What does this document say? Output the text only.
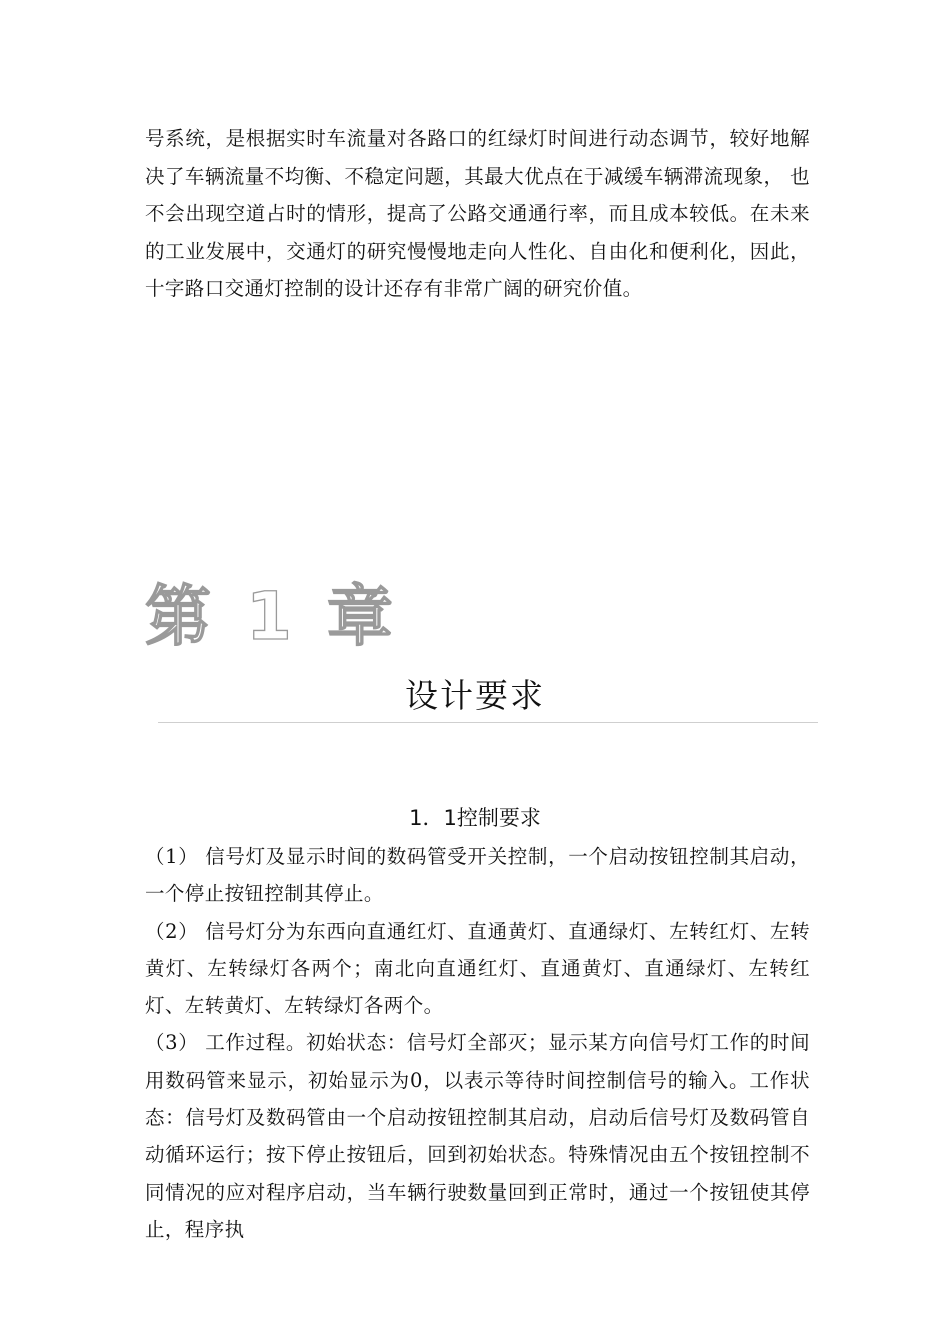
号系统，是根据实时车流量对各路口的红绿灯时间进行动态调节，较好地解决了车辆流量不均衡、不稳定问题，其最大优点在于减缓车辆滞流现象， 也不会出现空道占时的情形，提高了公路交通通行率，而且成本较低。在未来的工业发展中，交通灯的研究慢慢地走向人性化、自由化和便利化，因此，十字路口交通灯控制的设计还存有非常广阔的研究价值。

第 1 章
设计要求
1．1控制要求

（1） 信号灯及显示时间的数码管受开关控制，一个启动按钮控制其启动，一个停止按钮控制其停止。

（2） 信号灯分为东西向直通红灯、直通黄灯、直通绿灯、左转红灯、左转黄灯、左转绿灯各两个；南北向直通红灯、直通黄灯、直通绿灯、左转红灯、左转黄灯、左转绿灯各两个。

（3） 工作过程。初始状态：信号灯全部灭；显示某方向信号灯工作的时间用数码管来显示，初始显示为0，以表示等待时间控制信号的输入。工作状态：信号灯及数码管由一个启动按钮控制其启动，启动后信号灯及数码管自动循环运行；按下停止按钮后，回到初始状态。特殊情况由五个按钮控制不同情况的应对程序启动，当车辆行驶数量回到正常时，通过一个按钮使其停止，程序执
